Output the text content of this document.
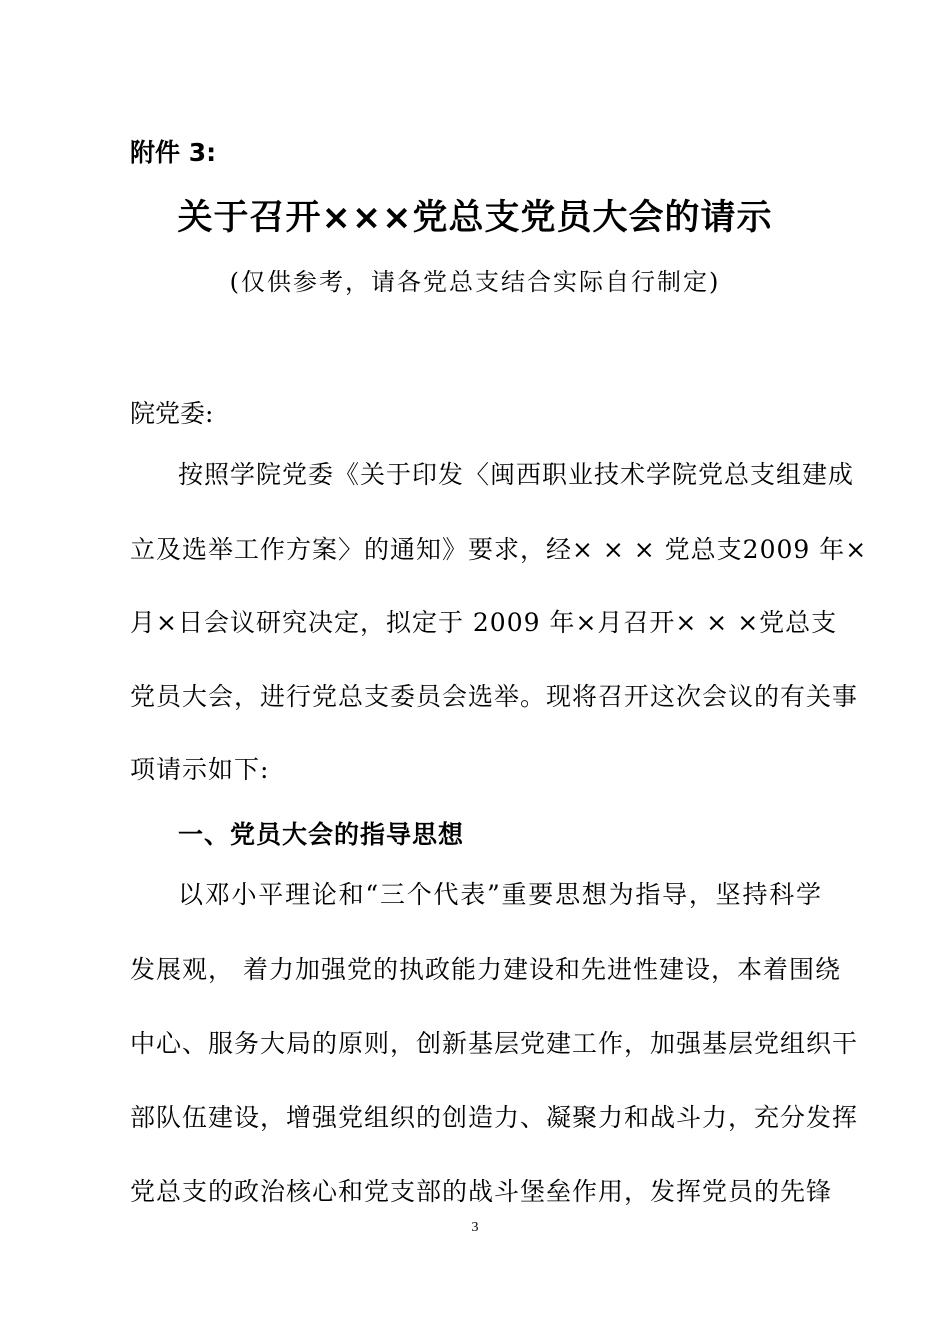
附件 3:
关于召开×××党总支党员大会的请示
(仅供参考，请各党总支结合实际自行制定)
院党委:
按照学院党委《关于印发〈闽西职业技术学院党总支组建成
立及选举工作方案〉的通知》要求，经× × × 党总支2009 年×
月×日会议研究决定，拟定于 2009 年×月召开× × ×党总支
党员大会，进行党总支委员会选举。现将召开这次会议的有关事
项请示如下:
一、党员大会的指导思想
以邓小平理论和“三个代表”重要思想为指导，坚持科学
发展观， 着力加强党的执政能力建设和先进性建设，本着围绕
中心、服务大局的原则，创新基层党建工作，加强基层党组织干
部队伍建设，增强党组织的创造力、凝聚力和战斗力，充分发挥
党总支的政治核心和党支部的战斗堡垒作用，发挥党员的先锋
3
